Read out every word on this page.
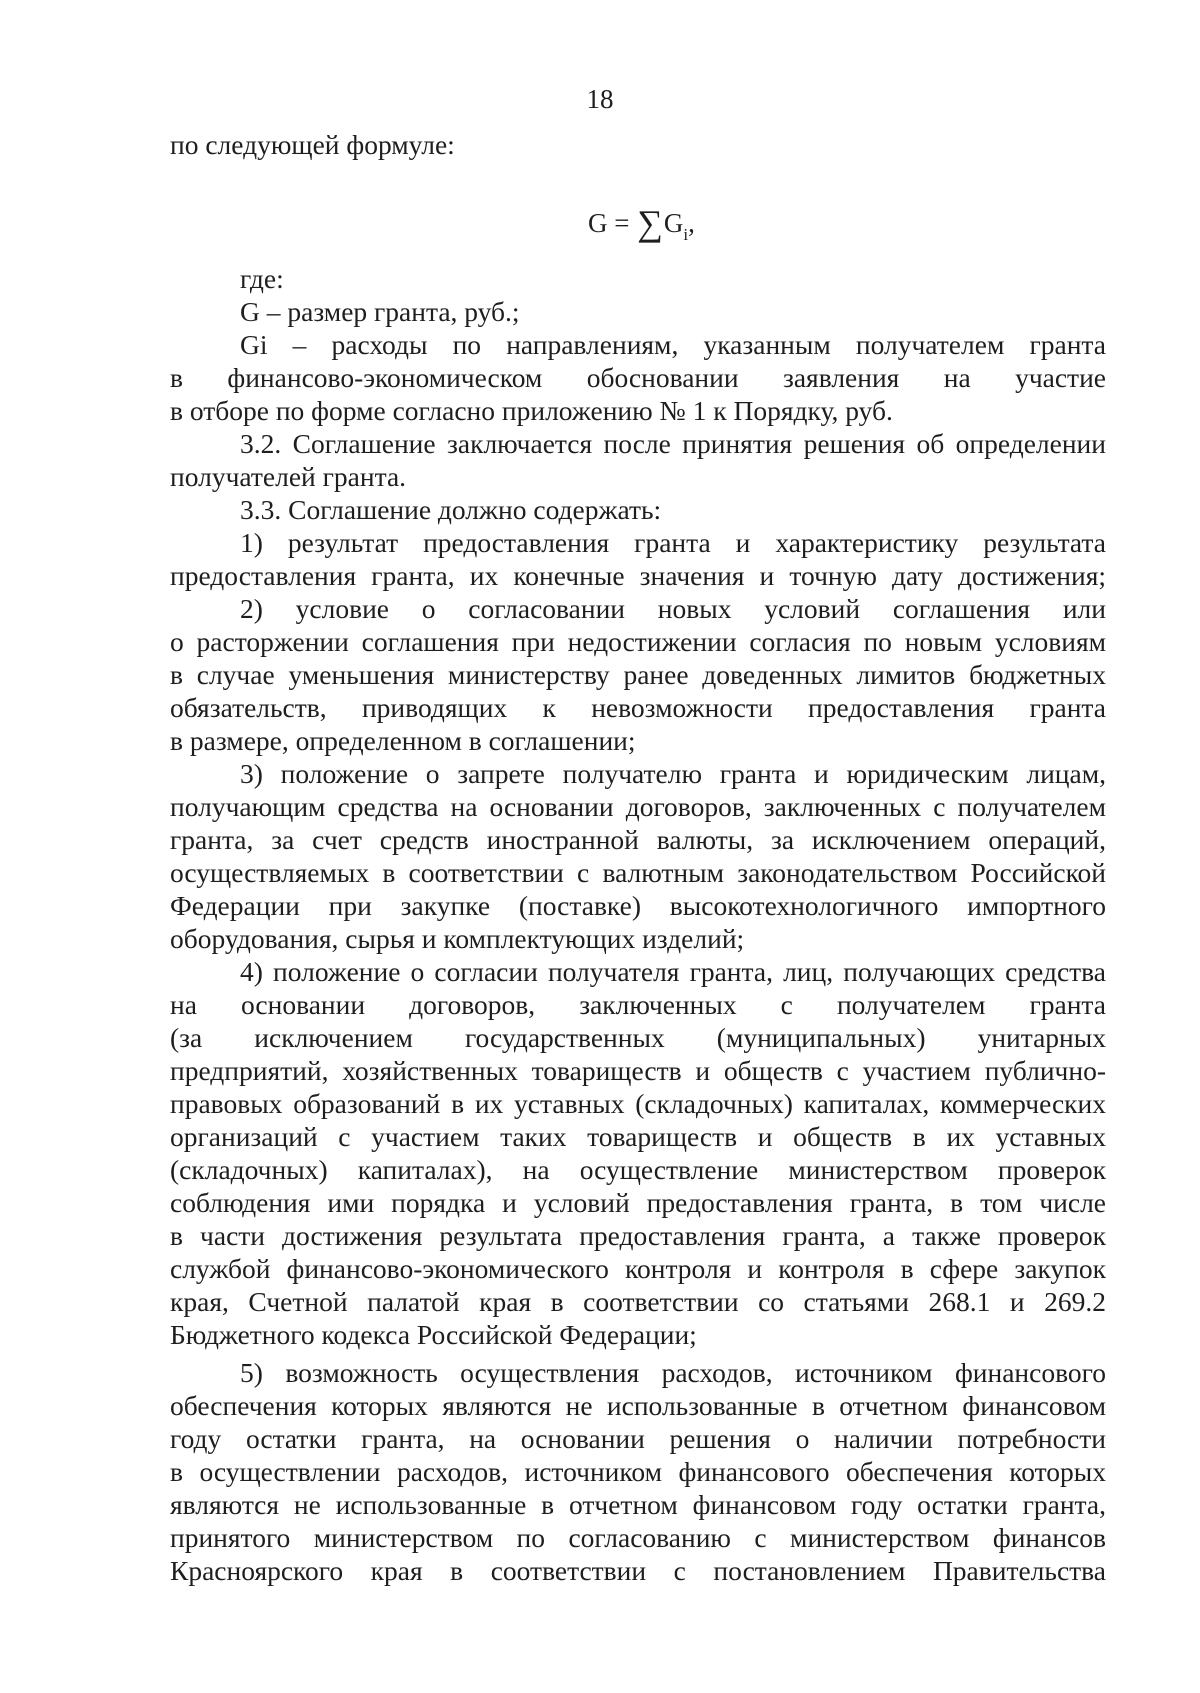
18
по следующей формуле:
$G = \sum G_i$,
где:
G – размер гранта, руб.;
Gi – расходы по направлениям, указанным получателем гранта
в финансово-экономическом обосновании заявления на участие
в отборе по форме согласно приложению № 1 к Порядку, руб.
3.2. Соглашение заключается после принятия решения об определении
получателей гранта.
3.3. Соглашение должно содержать:
1) результат предоставления гранта и характеристику результата
предоставления гранта, их конечные значения и точную дату достижения;
2) условие о согласовании новых условий соглашения или
о расторжении соглашения при недостижении согласия по новым условиям
в случае уменьшения министерству ранее доведенных лимитов бюджетных
обязательств, приводящих к невозможности предоставления гранта
в размере, определенном в соглашении;
3) положение о запрете получателю гранта и юридическим лицам,
получающим средства на основании договоров, заключенных с получателем
гранта, за счет средств иностранной валюты, за исключением операций,
осуществляемых в соответствии с валютным законодательством Российской
Федерации при закупке (поставке) высокотехнологичного импортного
оборудования, сырья и комплектующих изделий;
4) положение о согласии получателя гранта, лиц, получающих средства
на основании договоров, заключенных с получателем гранта
(за исключением государственных (муниципальных) унитарных
предприятий, хозяйственных товариществ и обществ с участием публично-
правовых образований в их уставных (складочных) капиталах, коммерческих
организаций с участием таких товариществ и обществ в их уставных
(складочных) капиталах), на осуществление министерством проверок
соблюдения ими порядка и условий предоставления гранта, в том числе
в части достижения результата предоставления гранта, а также проверок
службой финансово-экономического контроля и контроля в сфере закупок
края, Счетной палатой края в соответствии со статьями 268.1 и 269.2
Бюджетного кодекса Российской Федерации;
5) возможность осуществления расходов, источником финансового
обеспечения которых являются не использованные в отчетном финансовом
году остатки гранта, на основании решения о наличии потребности
в осуществлении расходов, источником финансового обеспечения которых
являются не использованные в отчетном финансовом году остатки гранта,
принятого министерством по согласованию с министерством финансов
Красноярского края в соответствии с постановлением Правительства
